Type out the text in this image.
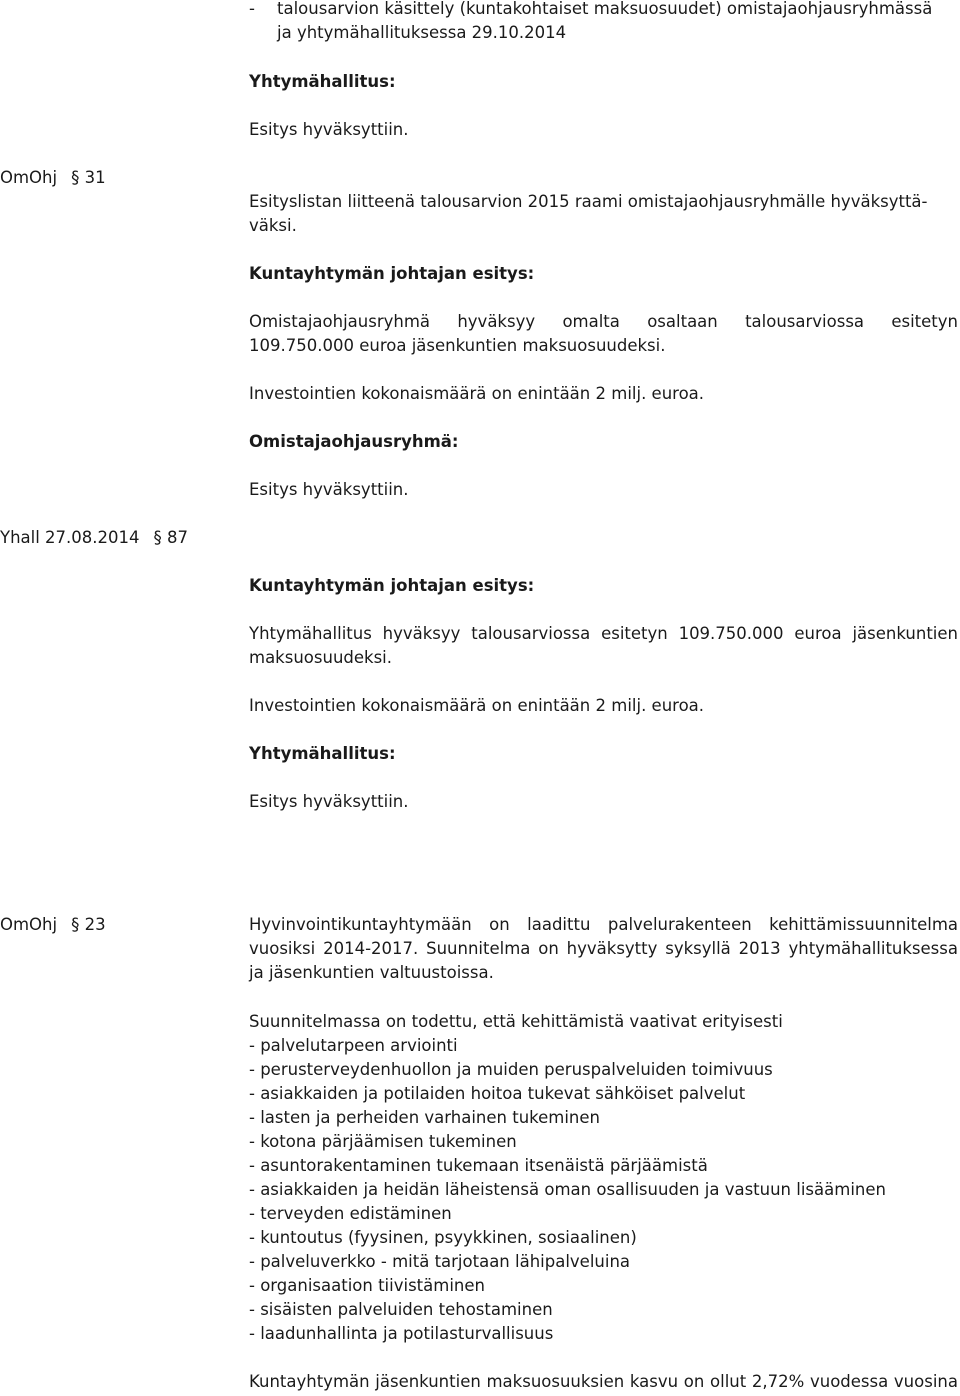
- talousarvion käsittely (kuntakohtaiset maksuosuudet) omistajaohjausryhmässä
ja yhtymähallituksessa 29.10.2014
Yhtymähallitus:
Esitys hyväksyttiin.
OmOhj § 31
Esityslistan liitteenä talousarvion 2015 raami omistajaohjausryhmälle hyväksyttä-
väksi.
Kuntayhtymän johtajan esitys:
Omistajaohjausryhmä hyväksyy omalta osaltaan talousarviossa esitetyn
109.750.000 euroa jäsenkuntien maksuosuudeksi.
Investointien kokonaismäärä on enintään 2 milj. euroa.
Omistajaohjausryhmä:
Esitys hyväksyttiin.
Yhall 27.08.2014 § 87
Kuntayhtymän johtajan esitys:
Yhtymähallitus hyväksyy talousarviossa esitetyn 109.750.000 euroa jäsenkuntien
maksuosuudeksi.
Investointien kokonaismäärä on enintään 2 milj. euroa.
Yhtymähallitus:
Esitys hyväksyttiin.
OmOhj § 23	Hyvinvointikuntayhtymään on laadittu palvelurakenteen kehittämissuunnitelma
vuosiksi 2014-2017. Suunnitelma on hyväksytty syksyllä 2013 yhtymähallituksessa
ja jäsenkuntien valtuustoissa.
Suunnitelmassa on todettu, että kehittämistä vaativat erityisesti
- palvelutarpeen arviointi
- perusterveydenhuollon ja muiden peruspalveluiden toimivuus
- asiakkaiden ja potilaiden hoitoa tukevat sähköiset palvelut
- lasten ja perheiden varhainen tukeminen
- kotona pärjäämisen tukeminen
- asuntorakentaminen tukemaan itsenäistä pärjäämistä
- asiakkaiden ja heidän läheistensä oman osallisuuden ja vastuun lisääminen
- terveyden edistäminen
- kuntoutus (fyysinen, psyykkinen, sosiaalinen)
- palveluverkko - mitä tarjotaan lähipalveluina
- organisaation tiivistäminen
- sisäisten palveluiden tehostaminen
- laadunhallinta ja potilasturvallisuus
Kuntayhtymän jäsenkuntien maksuosuuksien kasvu on ollut 2,72% vuodessa vuosina
